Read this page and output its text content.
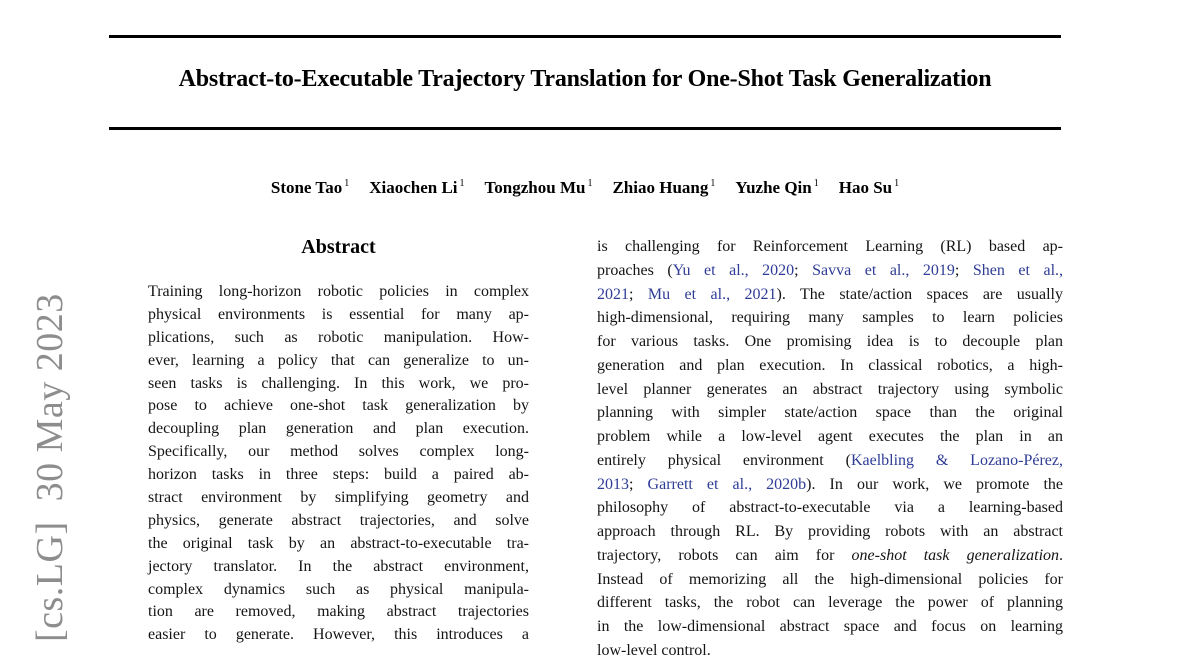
[cs.LG]  30 May 2023
Abstract-to-Executable Trajectory Translation for One-Shot Task Generalization
Stone Tao $^1$ Xiaochen Li $^1$ Tongzhou Mu $^1$ Zhiao Huang $^1$ Yuzhe Qin $^1$ Hao Su $^1$
Abstract
Training long-horizon robotic policies in complex
physical environments is essential for many ap-
plications, such as robotic manipulation. How-
ever, learning a policy that can generalize to un-
seen tasks is challenging. In this work, we pro-
pose to achieve one-shot task generalization by
decoupling plan generation and plan execution.
Specifically, our method solves complex long-
horizon tasks in three steps: build a paired ab-
stract environment by simplifying geometry and
physics, generate abstract trajectories, and solve
the original task by an abstract-to-executable tra-
jectory translator. In the abstract environment,
complex dynamics such as physical manipula-
tion are removed, making abstract trajectories
easier to generate. However, this introduces a
is challenging for Reinforcement Learning (RL) based ap-
proaches (Yu et al., 2020; Savva et al., 2019; Shen et al.,
2021; Mu et al., 2021). The state/action spaces are usually
high-dimensional, requiring many samples to learn policies
for various tasks. One promising idea is to decouple plan
generation and plan execution. In classical robotics, a high-
level planner generates an abstract trajectory using symbolic
planning with simpler state/action space than the original
problem while a low-level agent executes the plan in an
entirely physical environment (Kaelbling & Lozano-Pérez,
2013; Garrett et al., 2020b). In our work, we promote the
philosophy of abstract-to-executable via a learning-based
approach through RL. By providing robots with an abstract
trajectory, robots can aim for one-shot task generalization.
Instead of memorizing all the high-dimensional policies for
different tasks, the robot can leverage the power of planning
in the low-dimensional abstract space and focus on learning
low-level control.
